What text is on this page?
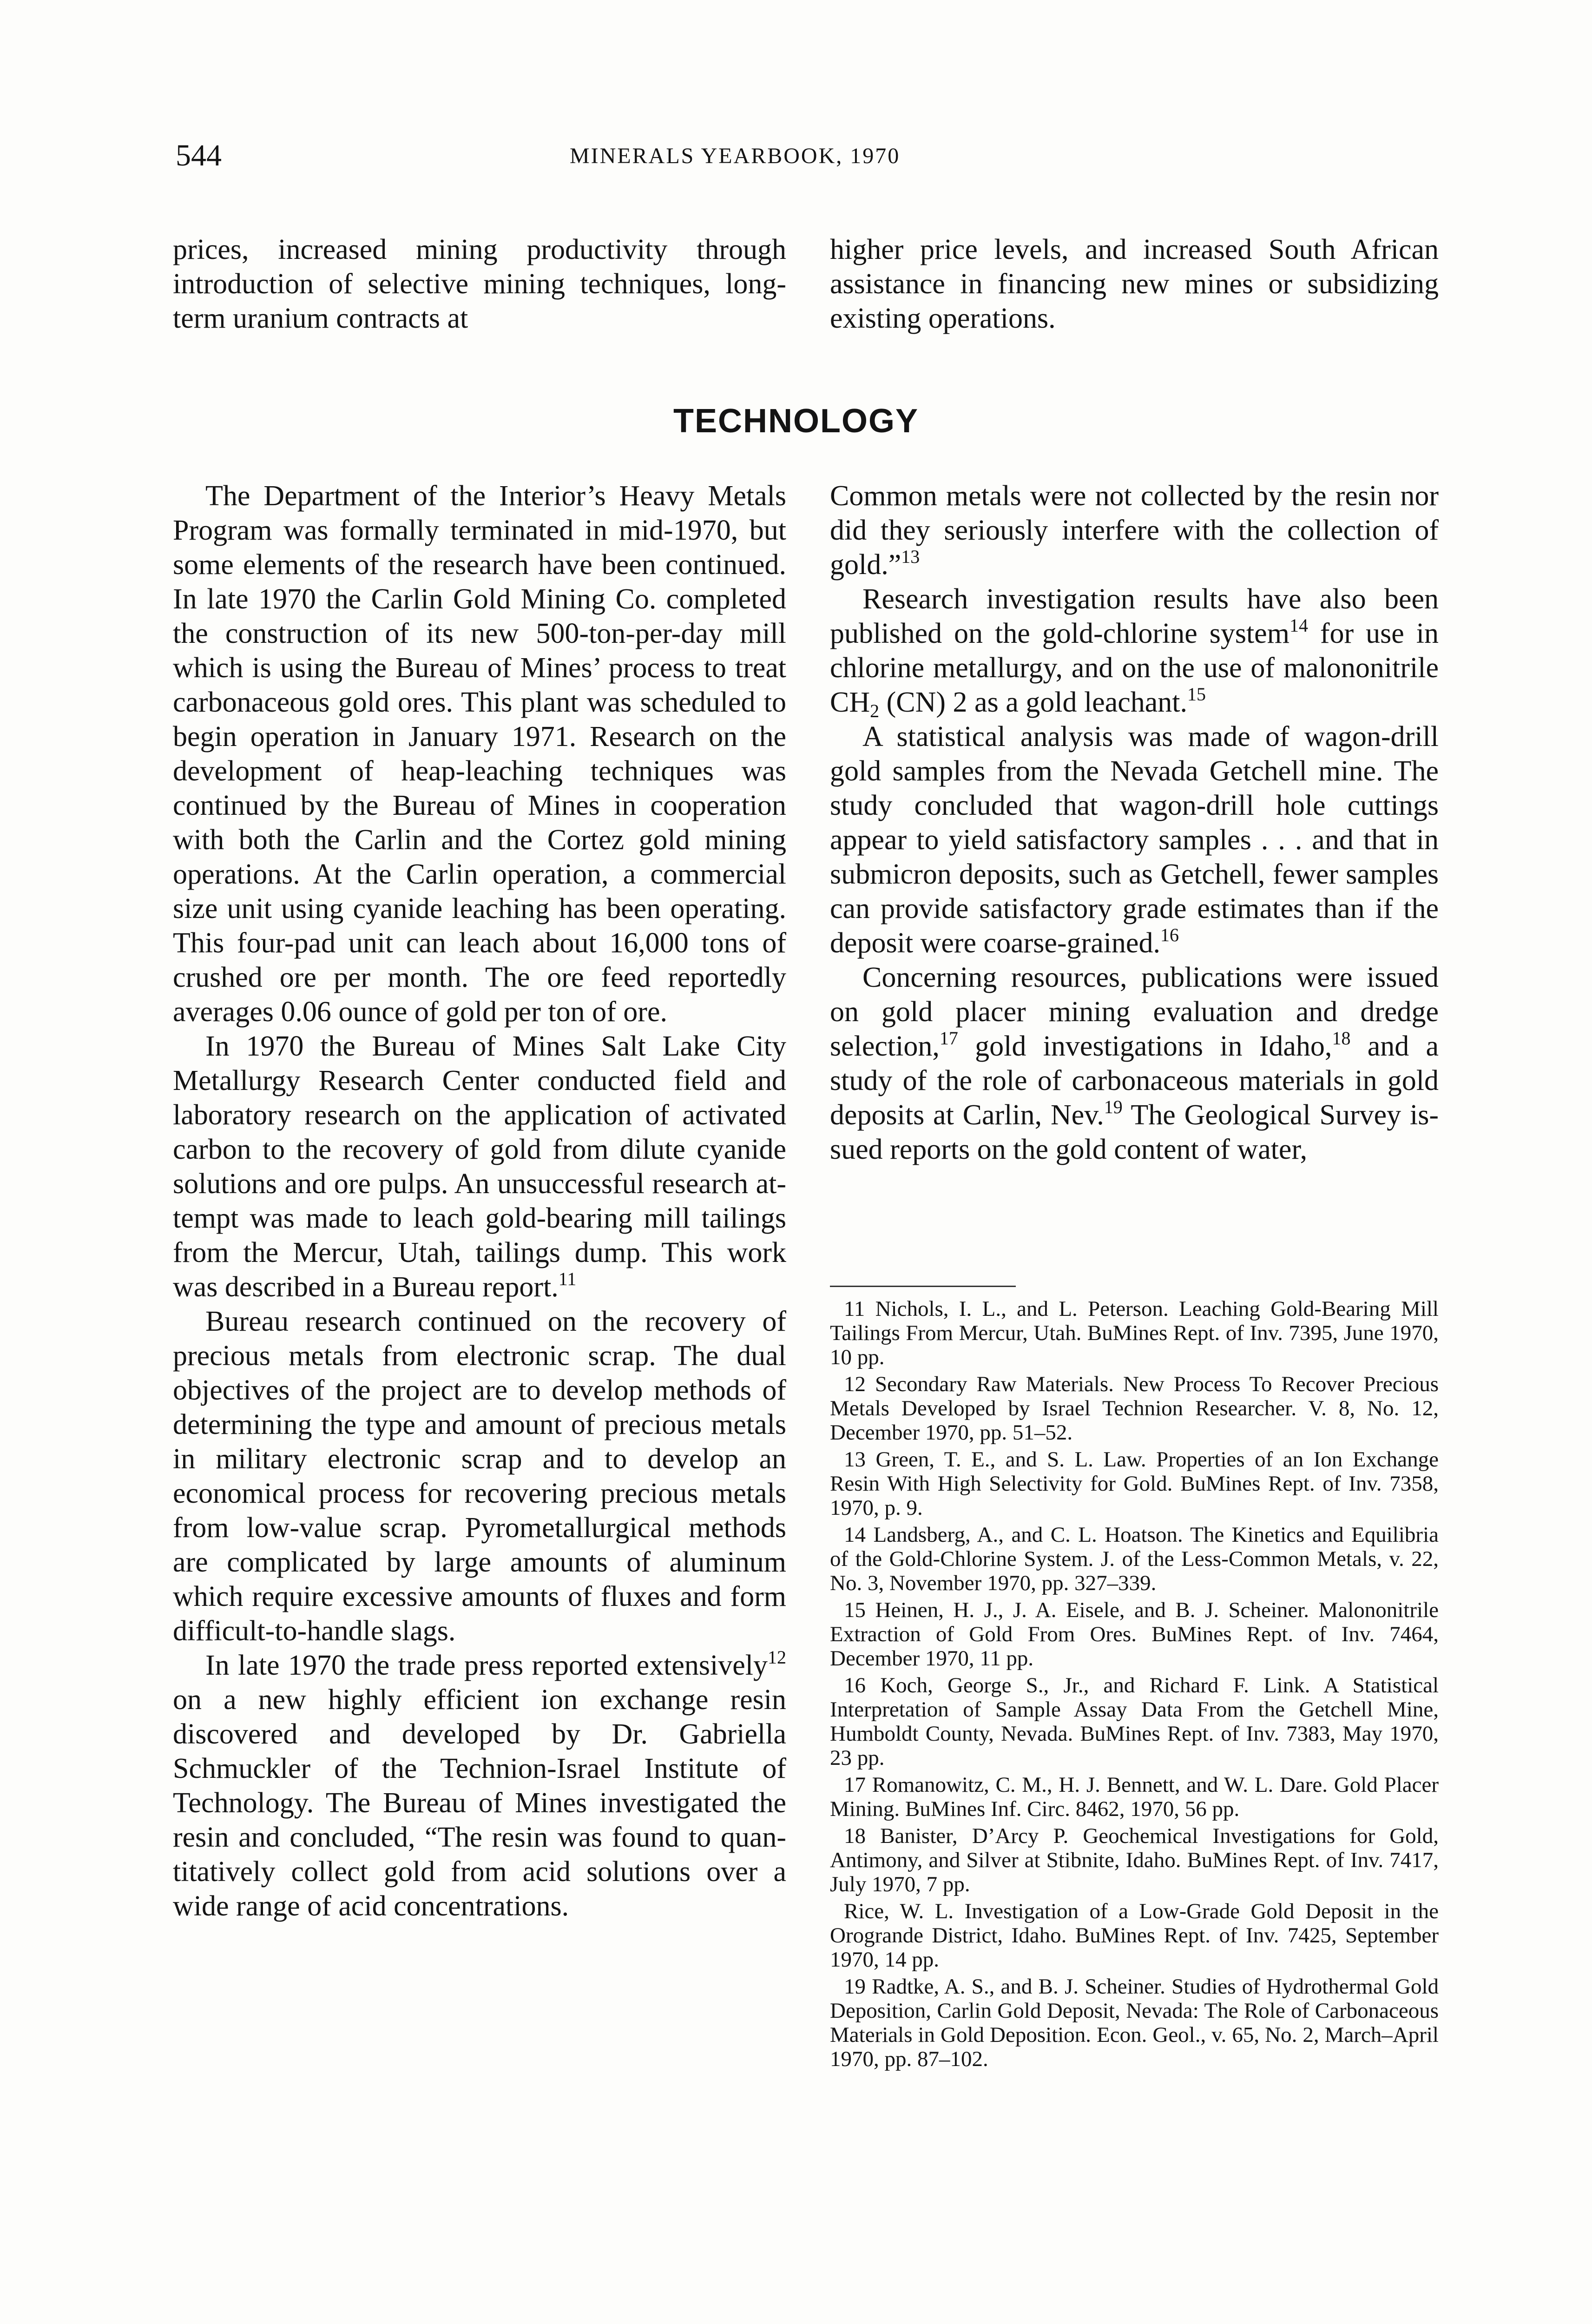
544	MINERALS YEARBOOK, 1970

prices, increased mining productivity through introduction of selective mining techniques, long-term uranium contracts at

higher price levels, and increased South African assistance in financing new mines or subsidizing existing operations.

TECHNOLOGY

The Department of the Interior’s Heavy Metals Program was formally terminated in mid-1970, but some elements of the research have been continued. In late 1970 the Carlin Gold Mining Co. completed the construction of its new 500-ton-per-day mill which is using the Bureau of Mines’ process to treat carbonaceous gold ores. This plant was scheduled to begin operation in January 1971. Research on the development of heap-leaching techniques was continued by the Bureau of Mines in cooperation with both the Carlin and the Cortez gold mining operations. At the Carlin operation, a commercial size unit using cyanide leaching has been operating. This four-pad unit can leach about 16,000 tons of crushed ore per month. The ore feed reportedly averages 0.06 ounce of gold per ton of ore.

In 1970 the Bureau of Mines Salt Lake City Metallurgy Research Center conducted field and laboratory research on the application of activated carbon to the recovery of gold from dilute cyanide solutions and ore pulps. An unsuccessful research attempt was made to leach gold-bearing mill tailings from the Mercur, Utah, tailings dump. This work was described in a Bureau report.$^{11}$

Bureau research continued on the recovery of precious metals from electronic scrap. The dual objectives of the project are to develop methods of determining the type and amount of precious metals in military electronic scrap and to develop an economical process for recovering precious metals from low-value scrap. Pyrometallurgical methods are complicated by large amounts of aluminum which require excessive amounts of fluxes and form difficult-to-handle slags.

In late 1970 the trade press reported extensively$^{12}$ on a new highly efficient ion exchange resin discovered and developed by Dr. Gabriella Schmuckler of the Technion-Israel Institute of Technology. The Bureau of Mines investigated the resin and concluded, “The resin was found to quantitatively collect gold from acid solutions over a wide range of acid concentrations.

Common metals were not collected by the resin nor did they seriously interfere with the collection of gold.”$^{13}$

Research investigation results have also been published on the gold-chlorine system$^{14}$ for use in chlorine metallurgy, and on the use of malononitrile $CH_2$ (CN) 2 as a gold leachant.$^{15}$

A statistical analysis was made of wagon-drill gold samples from the Nevada Getchell mine. The study concluded that wagon-drill hole cuttings appear to yield satisfactory samples . . . and that in submicron deposits, such as Getchell, fewer samples can provide satisfactory grade estimates than if the deposit were coarse-grained.$^{16}$

Concerning resources, publications were issued on gold placer mining evaluation and dredge selection,$^{17}$ gold investigations in Idaho,$^{18}$ and a study of the role of carbonaceous materials in gold deposits at Carlin, Nev.$^{19}$ The Geological Survey issued reports on the gold content of water,

11 Nichols, I. L., and L. Peterson. Leaching Gold-Bearing Mill Tailings From Mercur, Utah. BuMines Rept. of Inv. 7395, June 1970, 10 pp.

12 Secondary Raw Materials. New Process To Recover Precious Metals Developed by Israel Technion Researcher. V. 8, No. 12, December 1970, pp. 51–52.

13 Green, T. E., and S. L. Law. Properties of an Ion Exchange Resin With High Selectivity for Gold. BuMines Rept. of Inv. 7358, 1970, p. 9.

14 Landsberg, A., and C. L. Hoatson. The Kinetics and Equilibria of the Gold-Chlorine System. J. of the Less-Common Metals, v. 22, No. 3, November 1970, pp. 327–339.

15 Heinen, H. J., J. A. Eisele, and B. J. Scheiner. Malononitrile Extraction of Gold From Ores. BuMines Rept. of Inv. 7464, December 1970, 11 pp.

16 Koch, George S., Jr., and Richard F. Link. A Statistical Interpretation of Sample Assay Data From the Getchell Mine, Humboldt County, Nevada. BuMines Rept. of Inv. 7383, May 1970, 23 pp.

17 Romanowitz, C. M., H. J. Bennett, and W. L. Dare. Gold Placer Mining. BuMines Inf. Circ. 8462, 1970, 56 pp.

18 Banister, D’Arcy P. Geochemical Investigations for Gold, Antimony, and Silver at Stibnite, Idaho. BuMines Rept. of Inv. 7417, July 1970, 7 pp.

Rice, W. L. Investigation of a Low-Grade Gold Deposit in the Orogrande District, Idaho. BuMines Rept. of Inv. 7425, September 1970, 14 pp.

19 Radtke, A. S., and B. J. Scheiner. Studies of Hydrothermal Gold Deposition, Carlin Gold Deposit, Nevada: The Role of Carbonaceous Materials in Gold Deposition. Econ. Geol., v. 65, No. 2, March–April 1970, pp. 87–102.
